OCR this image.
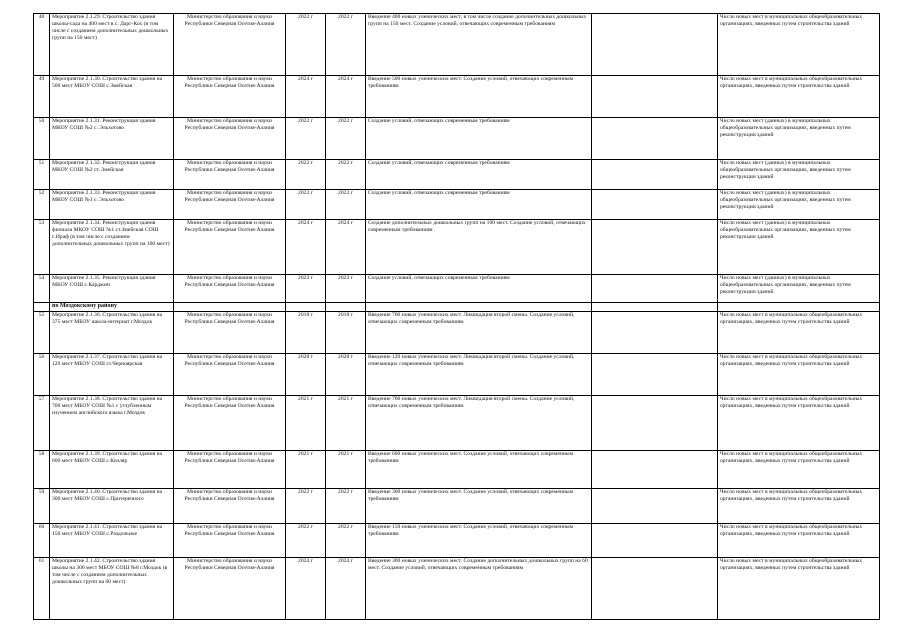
48	Мероприятие 2.1.29. Строительство здания школы-сада на 400 мест в с. Дарг-Кох (в том числе с созданием дополнительных дошкольных групп на 150 мест)	Министерство образования и науки Республики Северная Осетия-Алания	2022 г	2022 г	Введение 400 новых ученических мест, в том числе создание дополнительных дошкольных групп на 150 мест. Создание условий, отвечающих современным требованиям		Число новых мест в муниципальных общеобразовательных организациях, введенных путем строительства зданий
49	Мероприятие 2.1.30. Строительство здания на 500 мест МБОУ СОШ с.Змейская	Министерство образования и науки Республики Северная Осетия-Алания	2024 г	2024 г	Введение 500 новых ученических мест. Создание условий, отвечающих современным требованиям		Число новых мест в муниципальных общеобразовательных организациях, введенных путем строительства зданий
50	Мероприятие 2.1.31. Реконструкция здания МКОУ СОШ №2 с. Эльхотово	Министерство образования и науки Республики Северная Осетия-Алания	2022 г	2022 г	Создание условий, отвечающих современным требованиям		Число новых мест (данных) в муниципальных общеобразовательных организациях, введенных путем реконструкции зданий
51	Мероприятие 2.1.32. Реконструкция здания МКОУ СОШ №2 ст. Змейская	Министерство образования и науки Республики Северная Осетия-Алания	2022 г	2022 г	Создание условий, отвечающих современным требованиям		Число новых мест (данных) в муниципальных общеобразовательных организациях, введенных путем реконструкции зданий
52	Мероприятие 2.1.33. Реконструкция здания МКОУ СОШ №1 с. Эльхотово	Министерство образования и науки Республики Северная Осетия-Алания	2023 г	2023 г	Создание условий, отвечающих современным требованиям		Число новых мест (данных) в муниципальных общеобразовательных организациях, введенных путем реконструкции зданий
53	Мероприятие 2.1.34. Реконструкция здания филиала МКОУ СОШ №1 ст.Змейская СОШ с.Ираф (в том числе с созданием дополнительных дошкольных групп на 100 мест)	Министерство образования и науки Республики Северная Осетия-Алания	2024 г	2024 г	Создание дополнительных дошкольных групп на 100 мест. Создание условий, отвечающих современным требованиям		Число новых мест (данных) в муниципальных общеобразовательных организациях, введенных путем реконструкции зданий
54	Мероприятие 2.1.35. Реконструкция здания МКОУ СОШ с.Карджин	Министерство образования и науки Республики Северная Осетия-Алания	2023 г	2023 г	Создание условий, отвечающих современным требованиям		Число новых мест (данных) в муниципальных общеобразовательных организациях, введенных путем реконструкции зданий
	по Моздокскому району						
55	Мероприятие 2.1.36. Строительство здания на 375 мест МБОУ школа-интернат г.Моздок	Министерство образования и науки Республики Северная Осетия-Алания	2018 г	2018 г	Введение 700 новых ученических мест. Ликвидация второй смены. Создание условий, отвечающих современным требованиям		Число новых мест в муниципальных общеобразовательных организациях, введенных путем строительства зданий
56	Мероприятие 2.1.37. Строительство здания на 120 мест МБОУ СОШ ст.Черноярская	Министерство образования и науки Республики Северная Осетия-Алания	2020 г	2020 г	Введение 120 новых ученических мест. Ликвидация второй смены. Создание условий, отвечающих современным требованиям		Число новых мест в муниципальных общеобразовательных организациях, введенных путем строительства зданий
57	Мероприятие 2.1.38. Строительство здания на 700 мест МБОУ СОШ №1 с углубленным изучением английского языка г.Моздок	Министерство образования и науки Республики Северная Осетия-Алания	2021 г	2021 г	Введение 700 новых ученических мест. Ликвидация второй смены. Создание условий, отвечающих современным требованиям		Число новых мест в муниципальных общеобразовательных организациях, введенных путем строительства зданий
58	Мероприятие 2.1.39. Строительство здания на 600 мест МБОУ СОШ с.Кизляр	Министерство образования и науки Республики Северная Осетия-Алания	2021 г	2021 г	Введение 600 новых ученических мест. Создание условий, отвечающих современным требованиям		Число новых мест в муниципальных общеобразовательных организациях, введенных путем строительства зданий
59	Мероприятие 2.1.40. Строительство здания на 300 мест МБОУ СОШ с.Притеречного	Министерство образования и науки Республики Северная Осетия-Алания	2022 г	2022 г	Введение 300 новых ученических мест. Создание условий, отвечающих современным требованиям		Число новых мест в муниципальных общеобразовательных организациях, введенных путем строительства зданий
60	Мероприятие 2.1.41. Строительство здания на 150 мест МБОУ СОШ с.Раздольное	Министерство образования и науки Республики Северная Осетия-Алания	2022 г	2022 г	Введение 150 новых ученических мест. Создание условий, отвечающих современным требованиям		Число новых мест в муниципальных общеобразовательных организациях, введенных путем строительства зданий
61	Мероприятие 2.1.42. Строительство здания школы на 300 мест МБОУ СОШ №8 г.Моздок (в том числе с созданием дополнительных дошкольных групп на 60 мест)	Министерство образования и науки Республики Северная Осетия-Алания	2024 г	2024 г	Введение 300 новых ученических мест. Создание дополнительных дошкольных групп на 60 мест. Создание условий, отвечающих современным требованиям		Число новых мест в муниципальных общеобразовательных организациях, введенных путем строительства зданий
